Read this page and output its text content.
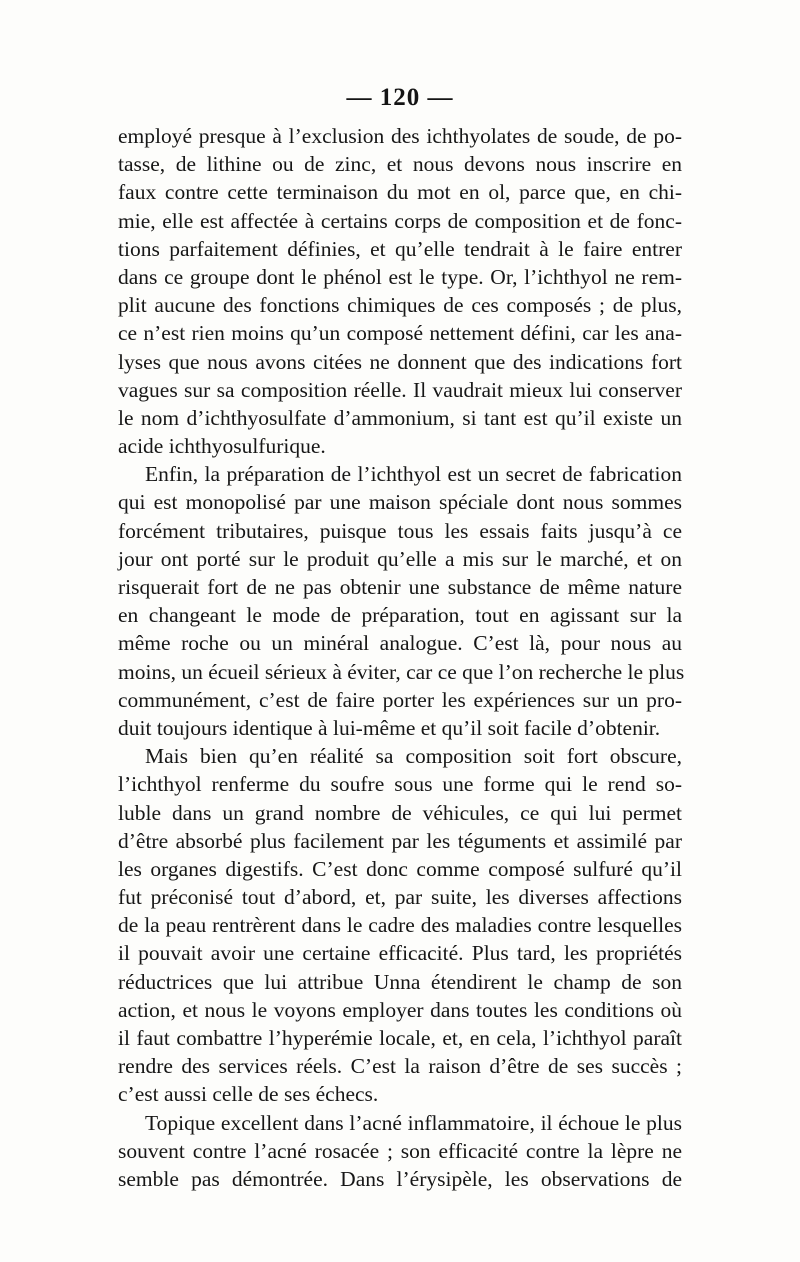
— 120 —
employé presque à l’exclusion des ichthyolates de soude, de po-
tasse, de lithine ou de zinc, et nous devons nous inscrire en
faux contre cette terminaison du mot en ol, parce que, en chi-
mie, elle est affectée à certains corps de composition et de fonc-
tions parfaitement définies, et qu’elle tendrait à le faire entrer
dans ce groupe dont le phénol est le type. Or, l’ichthyol ne rem-
plit aucune des fonctions chimiques de ces composés ; de plus,
ce n’est rien moins qu’un composé nettement défini, car les ana-
lyses que nous avons citées ne donnent que des indications fort
vagues sur sa composition réelle. Il vaudrait mieux lui conserver
le nom d’ichthyosulfate d’ammonium, si tant est qu’il existe un
acide ichthyosulfurique.
Enfin, la préparation de l’ichthyol est un secret de fabrication
qui est monopolisé par une maison spéciale dont nous sommes
forcément tributaires, puisque tous les essais faits jusqu’à ce
jour ont porté sur le produit qu’elle a mis sur le marché, et on
risquerait fort de ne pas obtenir une substance de même nature
en changeant le mode de préparation, tout en agissant sur la
même roche ou un minéral analogue. C’est là, pour nous au
moins, un écueil sérieux à éviter, car ce que l’on recherche le plus
communément, c’est de faire porter les expériences sur un pro-
duit toujours identique à lui-même et qu’il soit facile d’obtenir.
Mais bien qu’en réalité sa composition soit fort obscure,
l’ichthyol renferme du soufre sous une forme qui le rend so-
luble dans un grand nombre de véhicules, ce qui lui permet
d’être absorbé plus facilement par les téguments et assimilé par
les organes digestifs. C’est donc comme composé sulfuré qu’il
fut préconisé tout d’abord, et, par suite, les diverses affections
de la peau rentrèrent dans le cadre des maladies contre lesquelles
il pouvait avoir une certaine efficacité. Plus tard, les propriétés
réductrices que lui attribue Unna étendirent le champ de son
action, et nous le voyons employer dans toutes les conditions où
il faut combattre l’hyperémie locale, et, en cela, l’ichthyol paraît
rendre des services réels. C’est la raison d’être de ses succès ;
c’est aussi celle de ses échecs.
Topique excellent dans l’acné inflammatoire, il échoue le plus
souvent contre l’acné rosacée ; son efficacité contre la lèpre ne
semble pas démontrée. Dans l’érysipèle, les observations de
